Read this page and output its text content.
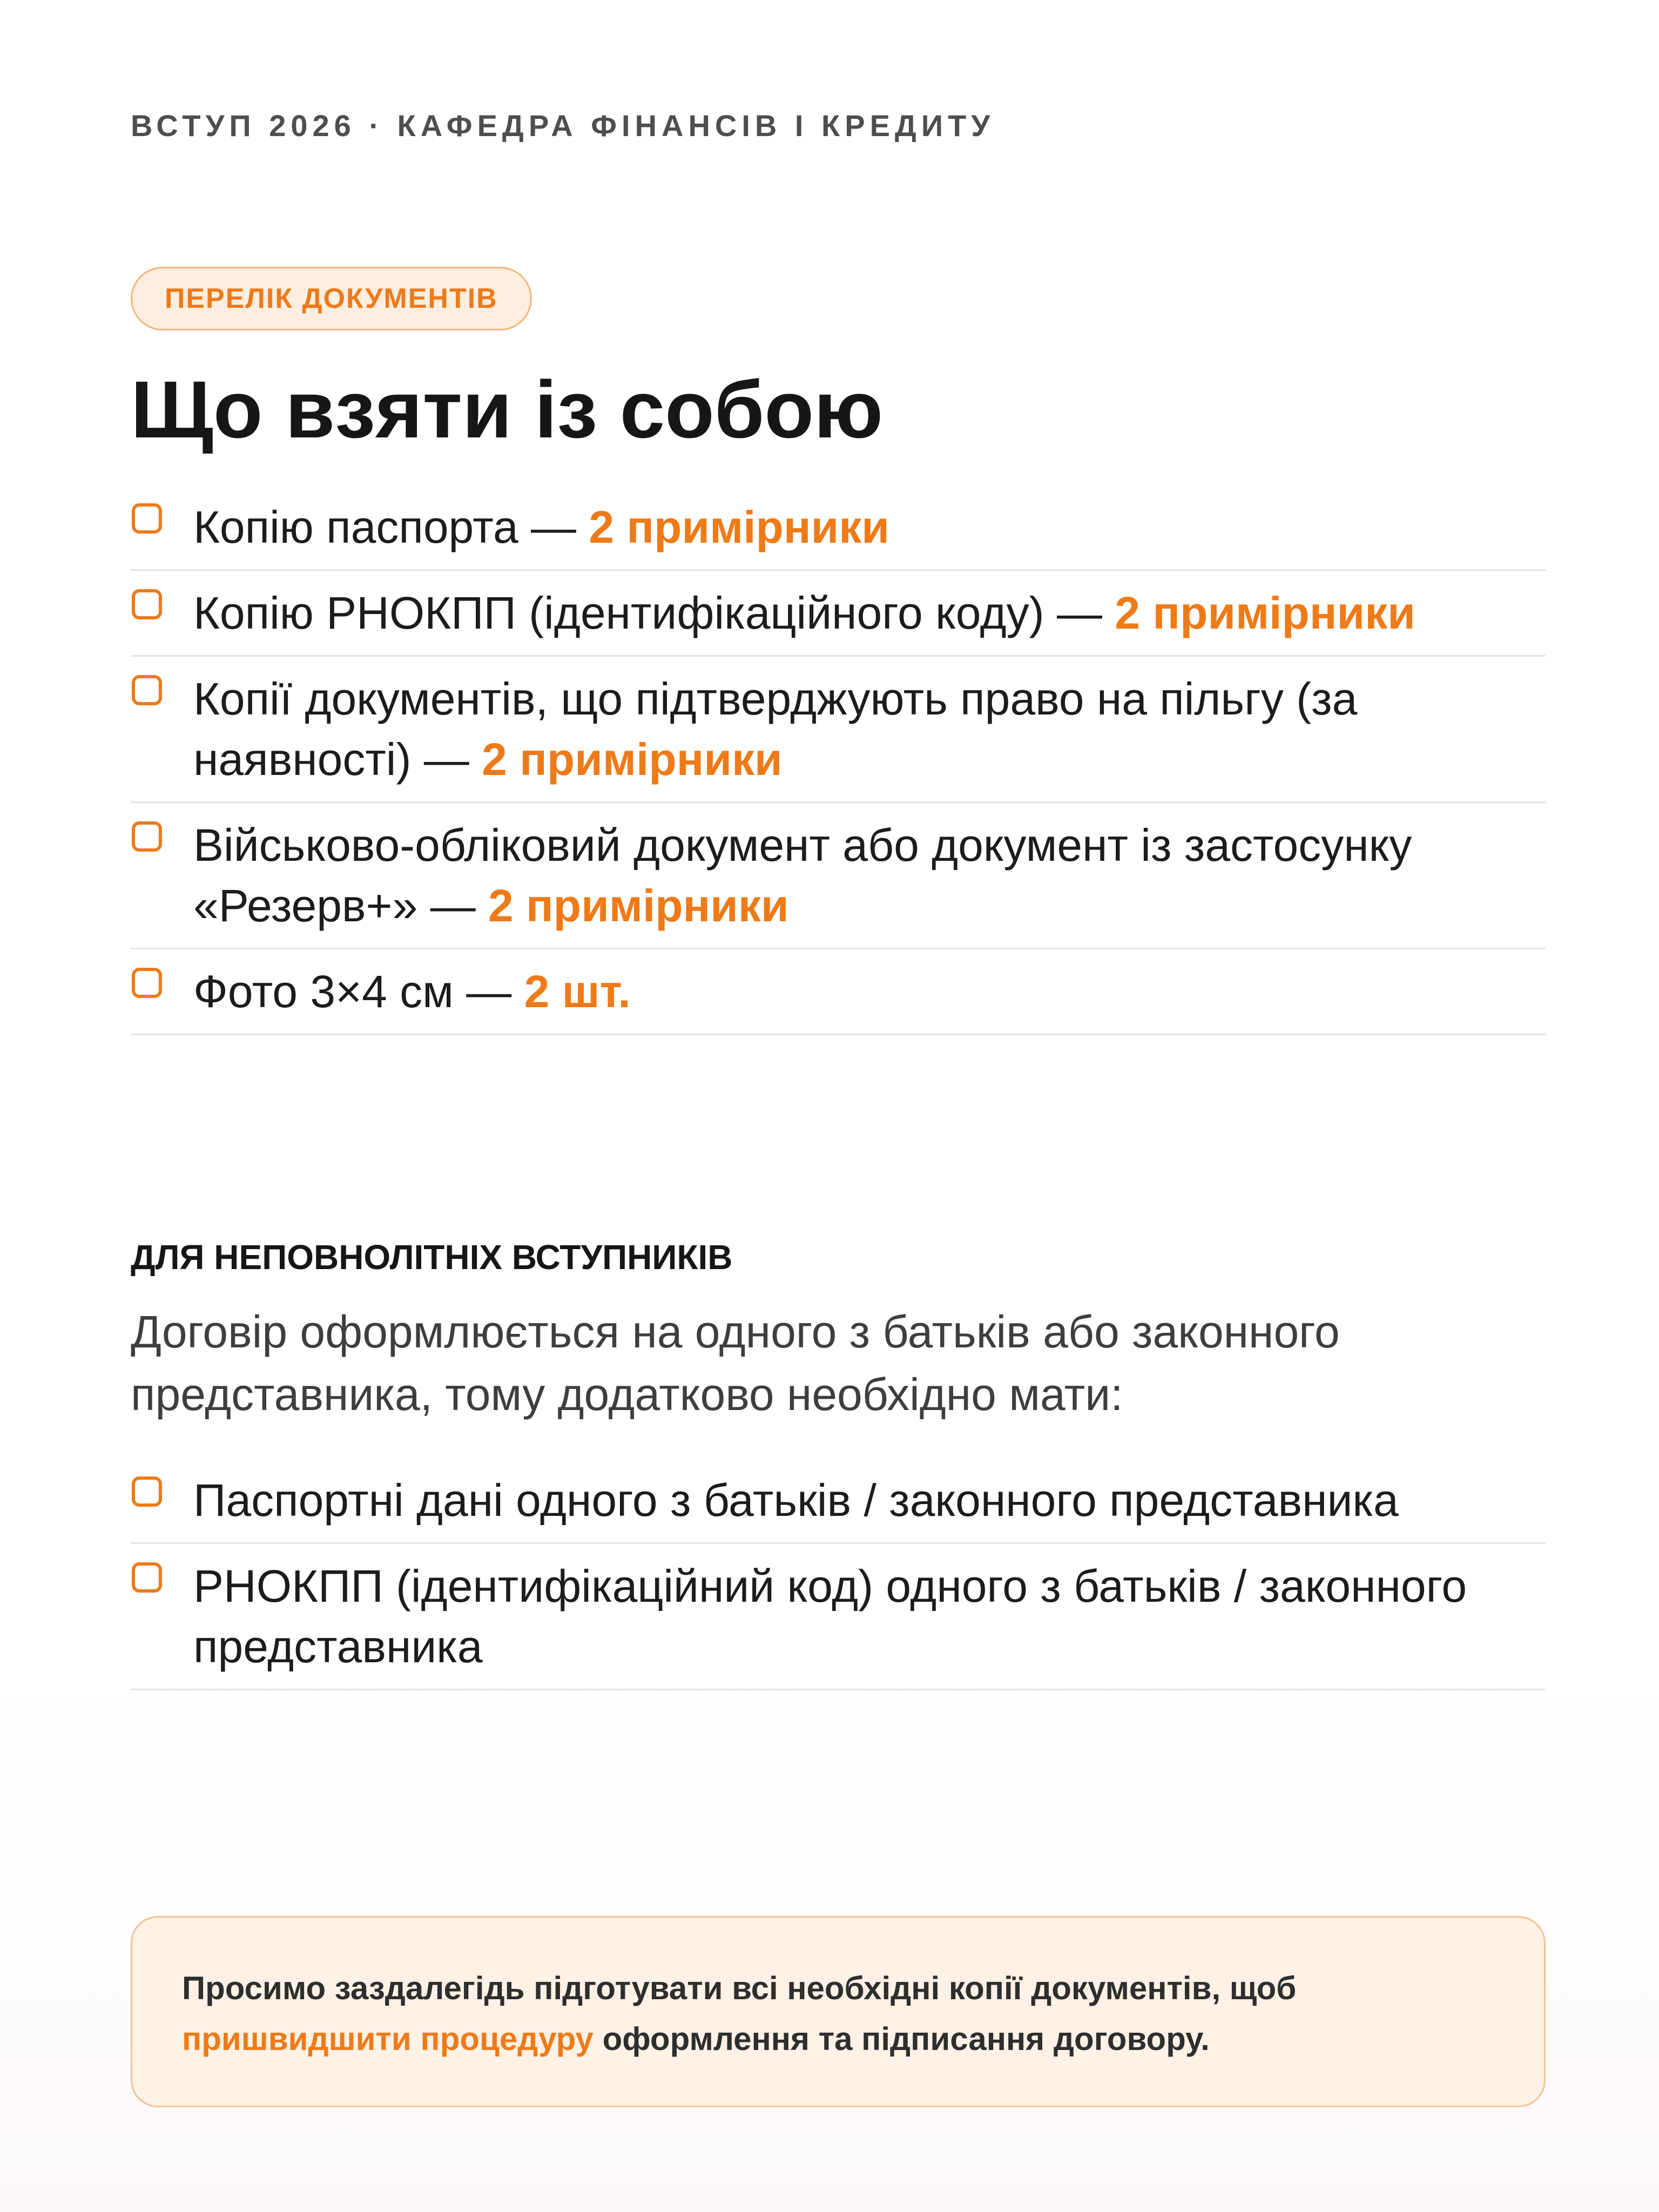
ВСТУП 2026 · КАФЕДРА ФІНАНСІВ І КРЕДИТУ
ПЕРЕЛІК ДОКУМЕНТІВ
Що взяти із собою
Копію паспорта — 2 примірники
Копію РНОКПП (ідентифікаційного коду) — 2 примірники
Копії документів, що підтверджують право на пільгу (за наявності) — 2 примірники
Військово-обліковий документ або документ із застосунку «Резерв+» — 2 примірники
Фото 3×4 см — 2 шт.
ДЛЯ НЕПОВНОЛІТНІХ ВСТУПНИКІВ

Договір оформлюється на одного з батьків або законного представника, тому додатково необхідно мати:

Паспортні дані одного з батьків / законного представника
РНОКПП (ідентифікаційний код) одного з батьків / законного представника
Просимо заздалегідь підготувати всі необхідні копії документів, щоб пришвидшити процедуру оформлення та підписання договору.
